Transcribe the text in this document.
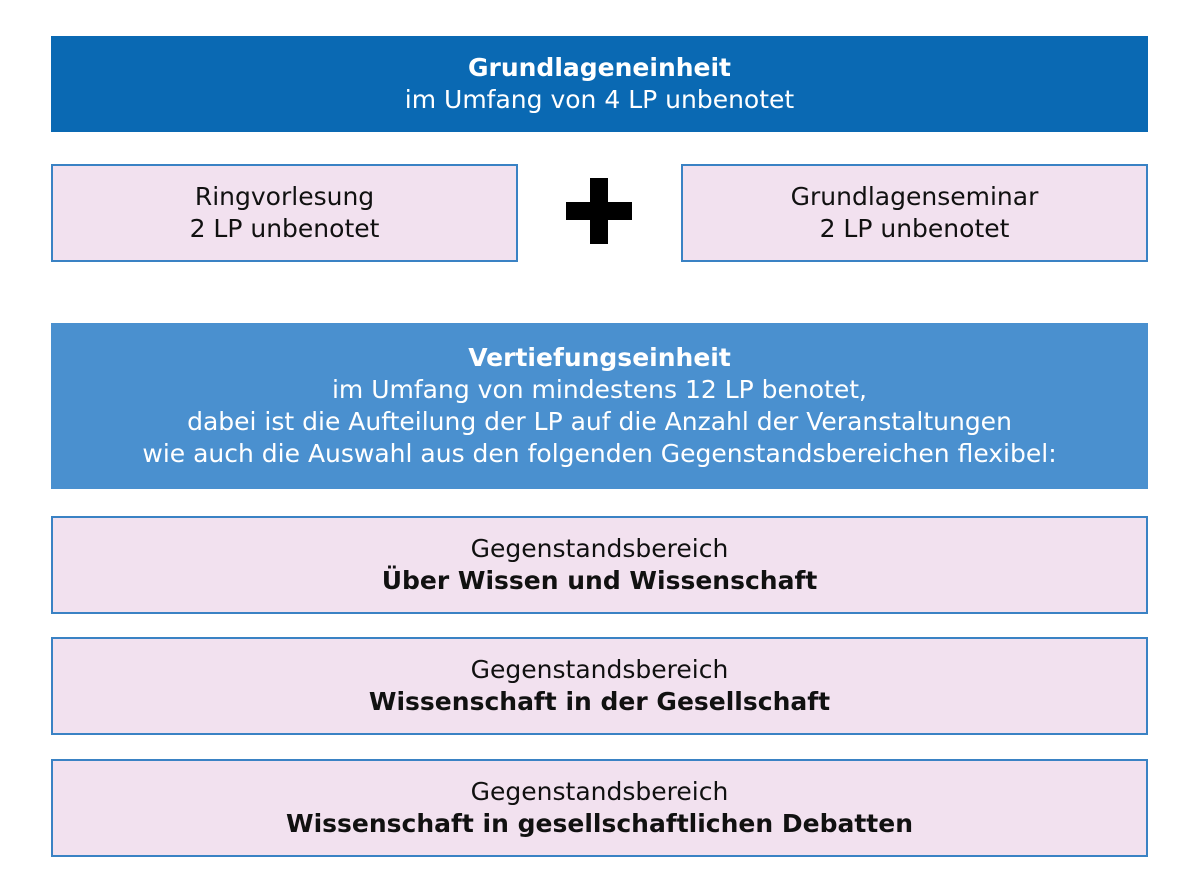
Grundlageneinheit
im Umfang von 4 LP unbenotet
Ringvorlesung
2 LP unbenotet
Grundlagenseminar
2 LP unbenotet
Vertiefungseinheit
im Umfang von mindestens 12 LP benotet,
dabei ist die Aufteilung der LP auf die Anzahl der Veranstaltungen
wie auch die Auswahl aus den folgenden Gegenstandsbereichen flexibel:
Gegenstandsbereich
Über Wissen und Wissenschaft
Gegenstandsbereich
Wissenschaft in der Gesellschaft
Gegenstandsbereich
Wissenschaft in gesellschaftlichen Debatten
